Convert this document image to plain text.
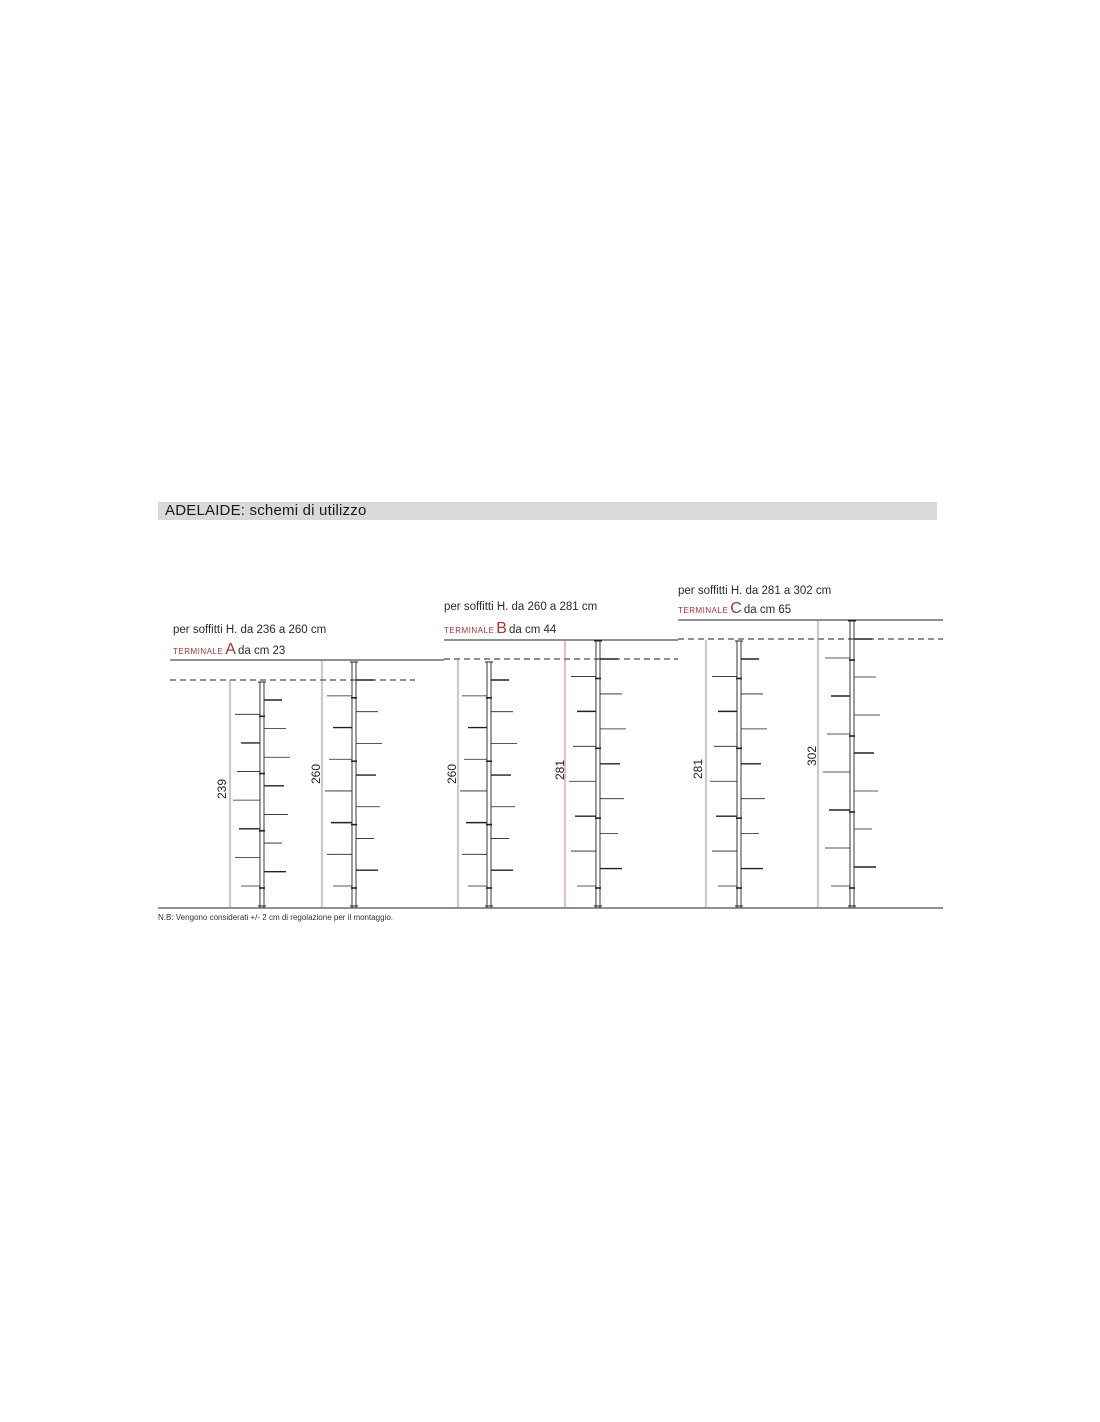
ADELAIDE: schemi di utilizzo
per soffitti H. da 236 a 260 cm
TERMINALE A da cm 23
per soffitti H. da 260 a 281 cm
TERMINALE B da cm 44
per soffitti H. da 281 a 302 cm
TERMINALE C da cm 65
239
260	260	281	281
302
N.B: Vengono considerati +/- 2 cm di regolazione per il montaggio.
